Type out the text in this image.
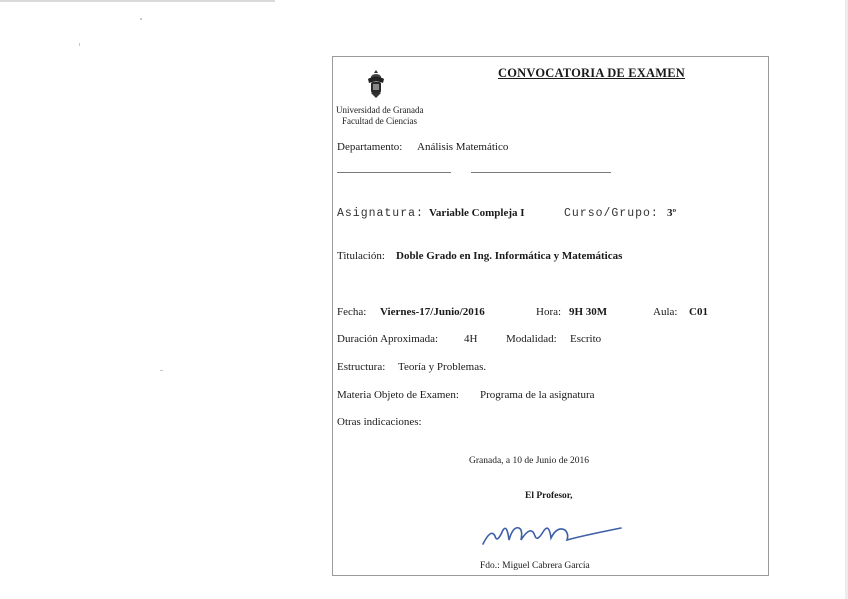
CONVOCATORIA DE EXAMEN
Universidad de Granada
Facultad de Ciencias
Departamento: Análisis Matemático
Asignatura: Variable Compleja I	Curso/Grupo: 3º
Titulación: Doble Grado en Ing. Informática y Matemáticas
Fecha: Viernes-17/Junio/2016	Hora: 9H 30M	Aula: C01
Duración Aproximada: 4H	Modalidad: Escrito
Estructura: Teoría y Problemas.
Materia Objeto de Examen: Programa de la asignatura
Otras indicaciones:
Granada, a 10 de Junio de 2016
El Profesor,
Fdo.: Miguel Cabrera García
